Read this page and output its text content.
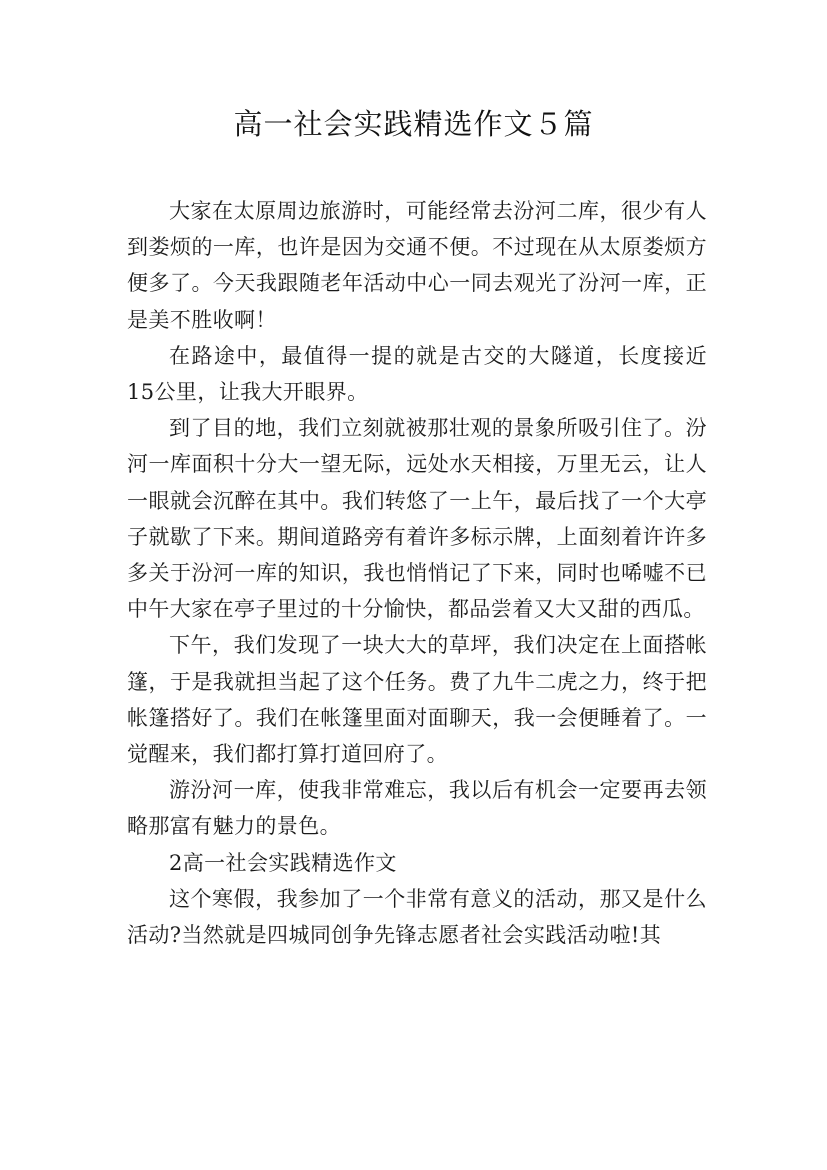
高一社会实践精选作文５篇

大家在太原周边旅游时，可能经常去汾河二库，很少有人到娄烦的一库，也许是因为交通不便。不过现在从太原娄烦方便多了。今天我跟随老年活动中心一同去观光了汾河一库，正是美不胜收啊！

在路途中，最值得一提的就是古交的大隧道，长度接近15公里，让我大开眼界。

到了目的地，我们立刻就被那壮观的景象所吸引住了。汾河一库面积十分大一望无际，远处水天相接，万里无云，让人一眼就会沉醉在其中。我们转悠了一上午，最后找了一个大亭子就歇了下来。期间道路旁有着许多标示牌，上面刻着许许多多关于汾河一库的知识，我也悄悄记了下来，同时也唏嘘不已中午大家在亭子里过的十分愉快，都品尝着又大又甜的西瓜。

下午，我们发现了一块大大的草坪，我们决定在上面搭帐篷，于是我就担当起了这个任务。费了九牛二虎之力，终于把帐篷搭好了。我们在帐篷里面对面聊天，我一会便睡着了。一觉醒来，我们都打算打道回府了。

游汾河一库，使我非常难忘，我以后有机会一定要再去领略那富有魅力的景色。

2高一社会实践精选作文

这个寒假，我参加了一个非常有意义的活动，那又是什么活动?当然就是四城同创争先锋志愿者社会实践活动啦!其
